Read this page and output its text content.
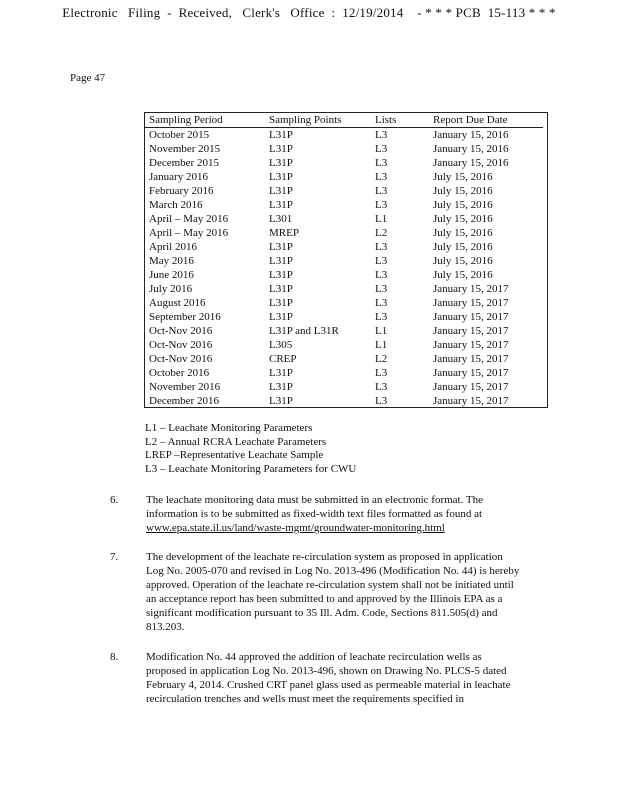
Electronic   Filing  -  Received,   Clerk's   Office  :  12/19/2014    - * * * PCB  15-113 * * *
Page 47
Sampling Period	Sampling Points	Lists	Report Due Date
October 2015	L31P	L3	January 15, 2016
November 2015	L31P	L3	January 15, 2016
December 2015	L31P	L3	January 15, 2016
January 2016	L31P	L3	July 15, 2016
February 2016	L31P	L3	July 15, 2016
March 2016	L31P	L3	July 15, 2016
April – May 2016	L301	L1	July 15, 2016
April – May 2016	MREP	L2	July 15, 2016
April 2016	L31P	L3	July 15, 2016
May 2016	L31P	L3	July 15, 2016
June 2016	L31P	L3	July 15, 2016
July 2016	L31P	L3	January 15, 2017
August 2016	L31P	L3	January 15, 2017
September 2016	L31P	L3	January 15, 2017
Oct-Nov 2016	L31P and L31R	L1	January 15, 2017
Oct-Nov 2016	L305	L1	January 15, 2017
Oct-Nov 2016	CREP	L2	January 15, 2017
October 2016	L31P	L3	January 15, 2017
November 2016	L31P	L3	January 15, 2017
December 2016	L31P	L3	January 15, 2017
L1 – Leachate Monitoring Parameters
L2 – Annual RCRA Leachate Parameters
LREP –Representative Leachate Sample
L3 – Leachate Monitoring Parameters for CWU
6.	The leachate monitoring data must be submitted in an electronic format. The information is to be submitted as fixed-width text files formatted as found at www.epa.state.il.us/land/waste-mgmt/groundwater-monitoring.html
7.	The development of the leachate re-circulation system as proposed in application Log No. 2005-070 and revised in Log No. 2013-496 (Modification No. 44) is hereby approved. Operation of the leachate re-circulation system shall not be initiated until an acceptance report has been submitted to and approved by the Illinois EPA as a significant modification pursuant to 35 Ill. Adm. Code, Sections 811.505(d) and 813.203.
8.	Modification No. 44 approved the addition of leachate recirculation wells as proposed in application Log No. 2013-496, shown on Drawing No. PLCS-5 dated February 4, 2014. Crushed CRT panel glass used as permeable material in leachate recirculation trenches and wells must meet the requirements specified in
